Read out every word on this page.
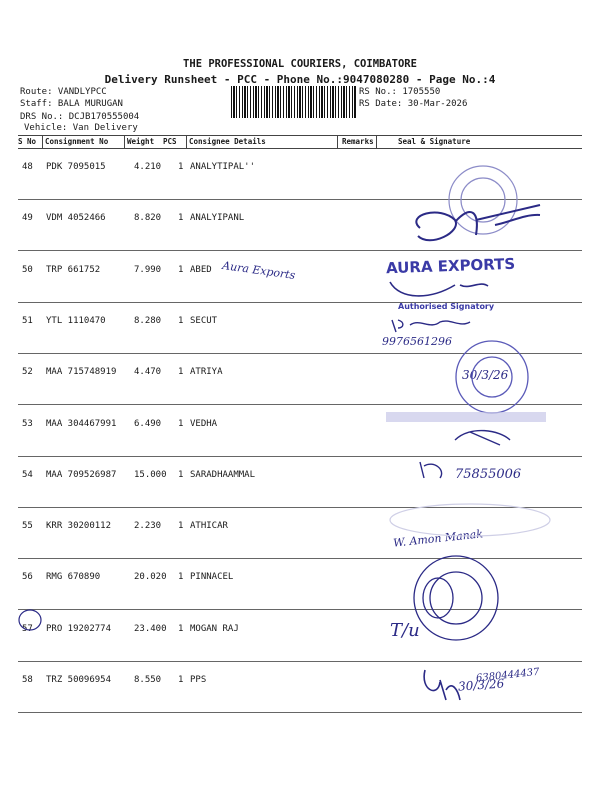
THE PROFESSIONAL COURIERS, COIMBATORE
Delivery Runsheet - PCC - Phone No.:9047080280 - Page No.:4
Route: VANDLYPCC
Staff: BALA MURUGAN
DRS No.: DCJB170555004
Vehicle: Van Delivery
RS No.: 1705550
RS Date: 30-Mar-2026
S No Consignment No	Weight PCS Consignee Details	Remarks	Seal & Signature
48 PDK 7095015	4.210 1 ANALYTIPAL''
49 VDM 4052466	8.820 1 ANALYIPANL
50 TRP 661752	7.990 1 ABED
51 YTL 1110470	8.280 1 SECUT
52 MAA 715748919 4.470 1 ATRIYA
53 MAA 304467991 6.490 1 VEDHA
54 MAA 709526987 15.000 1 SARADHAAMMAL
55 KRR 30200112	2.230 1 ATHICAR
56 RMG 670890	20.020 1 PINNACEL
57 PRO 19202774	23.400 1 MOGAN RAJ
58 TRZ 50096954	8.550 1 PPS
Aura Exports	AURA EXPORTS
Authorised Signatory
9976561296
30/3/26
75855006
W. Amon Manak
T/u
30/3/26
6380444437
